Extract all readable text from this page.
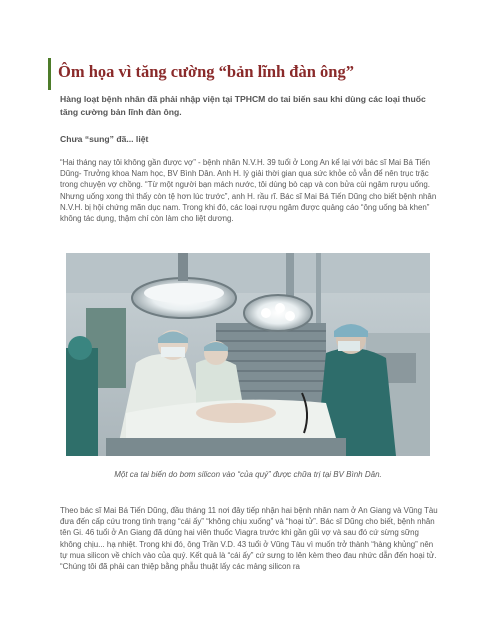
Ôm họa vì tăng cường “bản lĩnh đàn ông”
Hàng loạt bệnh nhân đã phải nhập viện tại TPHCM do tai biến sau khi dùng các loại thuốc tăng cường bản lĩnh đàn ông.
Chưa “sung” đã... liệt
“Hai tháng nay tôi không gần được vợ” - bệnh nhân N.V.H. 39 tuổi ở Long An kể lại với bác sĩ Mai Bá Tiến Dũng- Trưởng khoa Nam học, BV Bình Dân. Anh H. lý giải thời gian qua sức khỏe cỏ vẫn để nên trục trặc trong chuyện vợ chồng. “Từ một người bạn mách nước, tôi dùng bò cạp và con bửa cùi ngâm rượu uống. Nhưng uống xong thì thấy còn tệ hơn lúc trước”, anh H. rầu rĩ. Bác sĩ Mai Bá Tiến Dũng cho biết bệnh nhân N.V.H. bị hội chứng mãn dục nam. Trong khi đó, các loại rượu ngâm được quảng cáo “ông uống bà khen” không tác dụng, thậm chí còn làm cho liệt dương.
Một ca tai biến do bơm silicon vào “của quý” được chữa trị tại BV Bình Dân.
Theo bác sĩ Mai Bá Tiến Dũng, đầu tháng 11 nơi đây tiếp nhận hai bệnh nhân nam ở An Giang và Vũng Tàu đưa đến cấp cứu trong tình trạng “cái ấy” “không chịu xuống” và “hoại tử”. Bác sĩ Dũng cho biết, bệnh nhân tên Gi. 46 tuổi ở An Giang đã dùng hai viên thuốc Viagra trước khi gần gũi vợ và sau đó cứ sừng sững không chịu... hạ nhiệt. Trong khi đó, ông Trần V.D. 43 tuổi ở Vũng Tàu vì muốn trở thành “hàng khủng” nên tự mua silicon về chích vào của quý. Kết quả là “cái ấy” cứ sưng to lên kèm theo đau nhức dẫn đến hoại tử. “Chúng tôi đã phải can thiệp bằng phẫu thuật lấy các mảng silicon ra
